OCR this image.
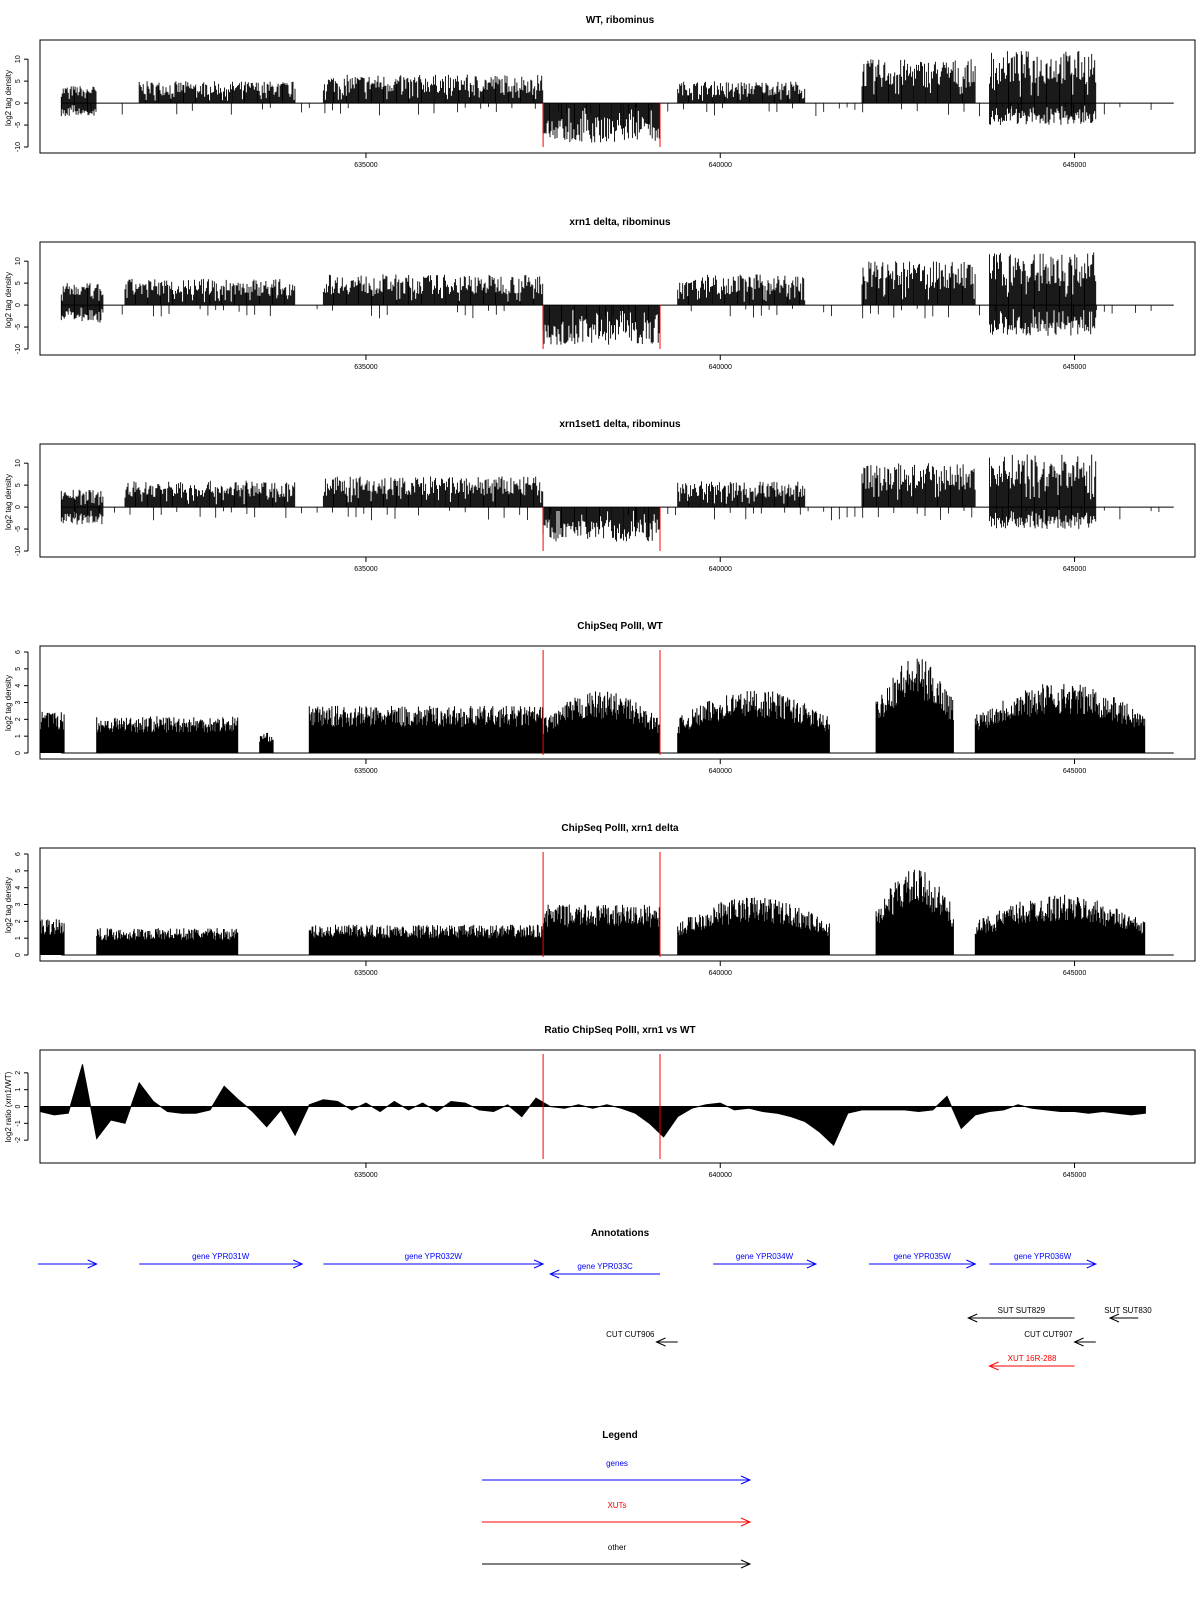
WT, ribominus
log2 tag density
-10
-5
0
5
10
635000	640000	645000
xrn1 delta, ribominus
log2 tag density
-10
-5
0
5
10
635000	640000	645000
xrn1set1 delta, ribominus
log2 tag density
-10
-5
0
5
10
635000	640000	645000
ChipSeq PolII, WT
log2 tag density
0
1
2
3
4
5
6
635000	640000	645000
ChipSeq PolII, xrn1 delta
log2 tag density
0
1
2
3
4
5
6
635000	640000	645000
Ratio ChipSeq PolII, xrn1 vs WT
log2 ratio (xrn1/WT) -2
-1
0
1
2
635000	640000	645000
Annotations
gene YPR031W	gene YPR032W
gene YPR033C
gene YPR034W	gene YPR035W	gene YPR036W
SUT SUT829	SUT SUT830
CUT CUT906	CUT CUT907
XUT 16R-288
Legend
genes
XUTs
other
